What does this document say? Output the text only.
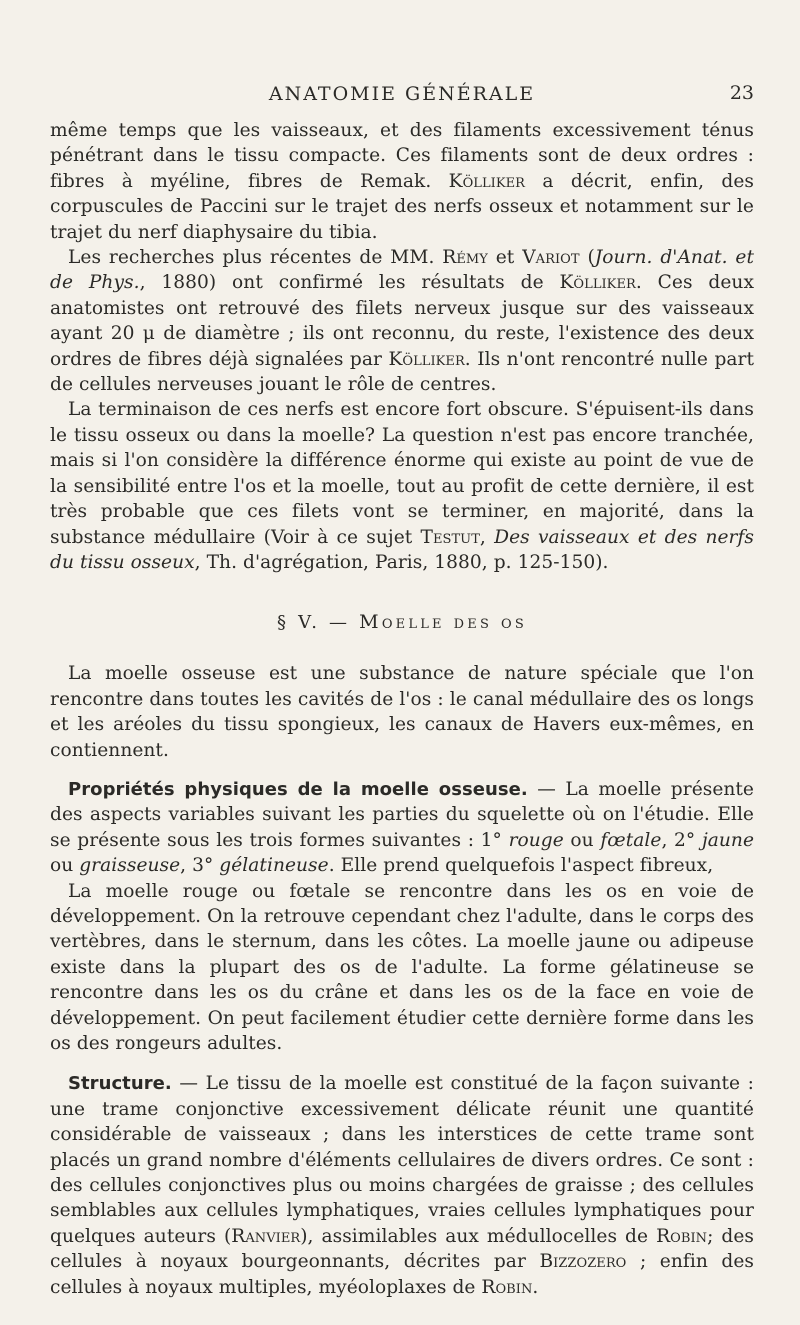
ANATOMIE GÉNÉRALE	23

même temps que les vaisseaux, et des filaments excessivement ténus pénétrant dans le tissu compacte. Ces filaments sont de deux ordres : fibres à myéline, fibres de Remak. Kölliker a décrit, enfin, des corpuscules de Paccini sur le trajet des nerfs osseux et notamment sur le trajet du nerf diaphysaire du tibia.

Les recherches plus récentes de MM. Rémy et Variot (Journ. d'Anat. et de Phys., 1880) ont confirmé les résultats de Kölliker. Ces deux anatomistes ont retrouvé des filets nerveux jusque sur des vaisseaux ayant 20 μ de diamètre ; ils ont reconnu, du reste, l'existence des deux ordres de fibres déjà signalées par Kölliker. Ils n'ont rencontré nulle part de cellules nerveuses jouant le rôle de centres.

La terminaison de ces nerfs est encore fort obscure. S'épuisent-ils dans le tissu osseux ou dans la moelle? La question n'est pas encore tranchée, mais si l'on considère la différence énorme qui existe au point de vue de la sensibilité entre l'os et la moelle, tout au profit de cette dernière, il est très probable que ces filets vont se terminer, en majorité, dans la substance médullaire (Voir à ce sujet Testut, Des vaisseaux et des nerfs du tissu osseux, Th. d'agrégation, Paris, 1880, p. 125-150).

§ V. — Moelle des os

La moelle osseuse est une substance de nature spéciale que l'on rencontre dans toutes les cavités de l'os : le canal médullaire des os longs et les aréoles du tissu spongieux, les canaux de Havers eux-mêmes, en contiennent.

Propriétés physiques de la moelle osseuse. — La moelle présente des aspects variables suivant les parties du squelette où on l'étudie. Elle se présente sous les trois formes suivantes : 1° rouge ou fœtale, 2° jaune ou graisseuse, 3° gélatineuse. Elle prend quelquefois l'aspect fibreux,

La moelle rouge ou fœtale se rencontre dans les os en voie de développement. On la retrouve cependant chez l'adulte, dans le corps des vertèbres, dans le sternum, dans les côtes. La moelle jaune ou adipeuse existe dans la plupart des os de l'adulte. La forme gélatineuse se rencontre dans les os du crâne et dans les os de la face en voie de développement. On peut facilement étudier cette dernière forme dans les os des rongeurs adultes.

Structure. — Le tissu de la moelle est constitué de la façon suivante : une trame conjonctive excessivement délicate réunit une quantité considérable de vaisseaux ; dans les interstices de cette trame sont placés un grand nombre d'éléments cellulaires de divers ordres. Ce sont : des cellules conjonctives plus ou moins chargées de graisse ; des cellules semblables aux cellules lymphatiques, vraies cellules lymphatiques pour quelques auteurs (Ranvier), assimilables aux médullocelles de Robin; des cellules à noyaux bourgeonnants, décrites par Bizzozero ; enfin des cellules à noyaux multiples, myéoloplaxes de Robin.
